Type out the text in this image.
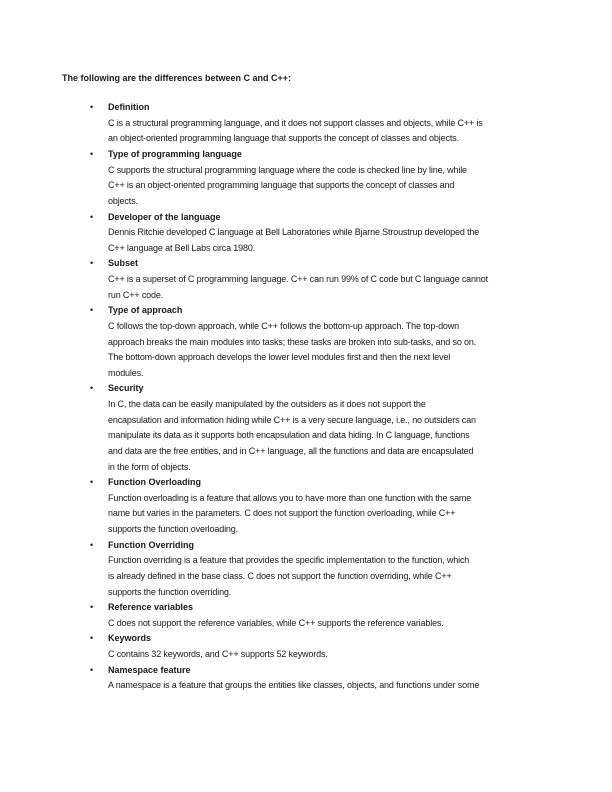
The following are the differences between C and C++:
• Definition
C is a structural programming language, and it does not support classes and objects, while C++ is
an object-oriented programming language that supports the concept of classes and objects.
• Type of programming language
C supports the structural programming language where the code is checked line by line, while
C++ is an object-oriented programming language that supports the concept of classes and
objects.
• Developer of the language
Dennis Ritchie developed C language at Bell Laboratories while Bjarne Stroustrup developed the
C++ language at Bell Labs circa 1980.
• Subset
C++ is a superset of C programming language. C++ can run 99% of C code but C language cannot
run C++ code.
• Type of approach
C follows the top-down approach, while C++ follows the bottom-up approach. The top-down
approach breaks the main modules into tasks; these tasks are broken into sub-tasks, and so on.
The bottom-down approach develops the lower level modules first and then the next level
modules.
• Security
In C, the data can be easily manipulated by the outsiders as it does not support the
encapsulation and information hiding while C++ is a very secure language, i.e., no outsiders can
manipulate its data as it supports both encapsulation and data hiding. In C language, functions
and data are the free entities, and in C++ language, all the functions and data are encapsulated
in the form of objects.
• Function Overloading
Function overloading is a feature that allows you to have more than one function with the same
name but varies in the parameters. C does not support the function overloading, while C++
supports the function overloading.
• Function Overriding
Function overriding is a feature that provides the specific implementation to the function, which
is already defined in the base class. C does not support the function overriding, while C++
supports the function overriding.
• Reference variables
C does not support the reference variables, while C++ supports the reference variables.
• Keywords
C contains 32 keywords, and C++ supports 52 keywords.
• Namespace feature
A namespace is a feature that groups the entities like classes, objects, and functions under some
